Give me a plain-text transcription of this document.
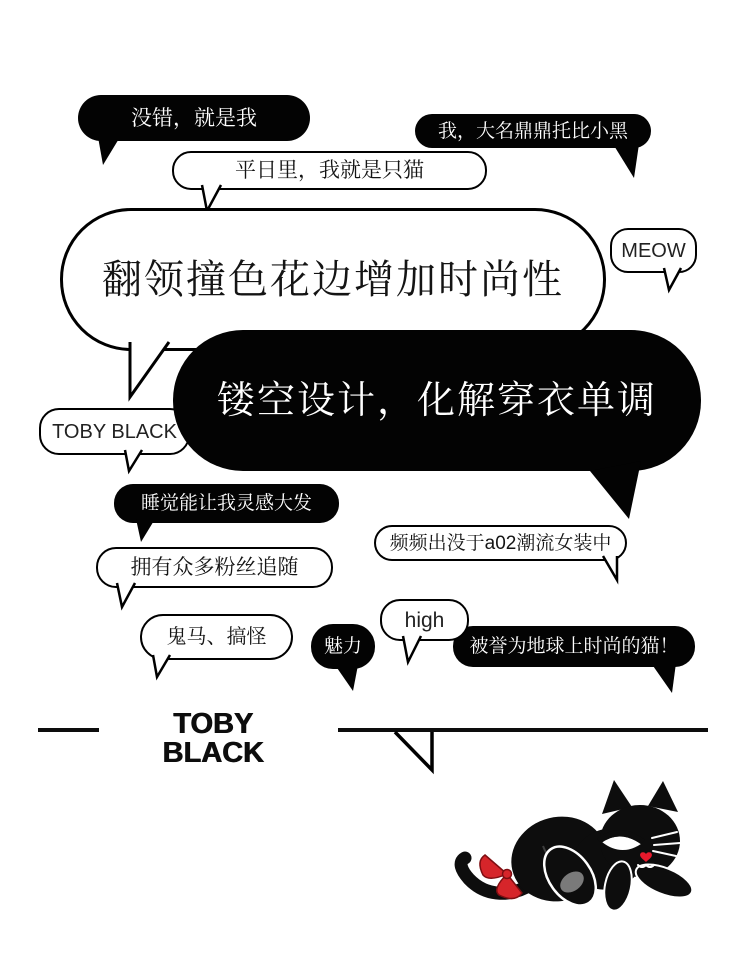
没错，就是我
我，大名鼎鼎托比小黑
平日里，我就是只猫
翻领撞色花边增加时尚性
TOBY BLACK
MEOW
镂空设计，化解穿衣单调
睡觉能让我灵感大发
拥有众多粉丝追随
频频出没于a02潮流女装中
鬼马、搞怪	魅力	被誉为地球上时尚的猫！
high
TOBY BLACK
